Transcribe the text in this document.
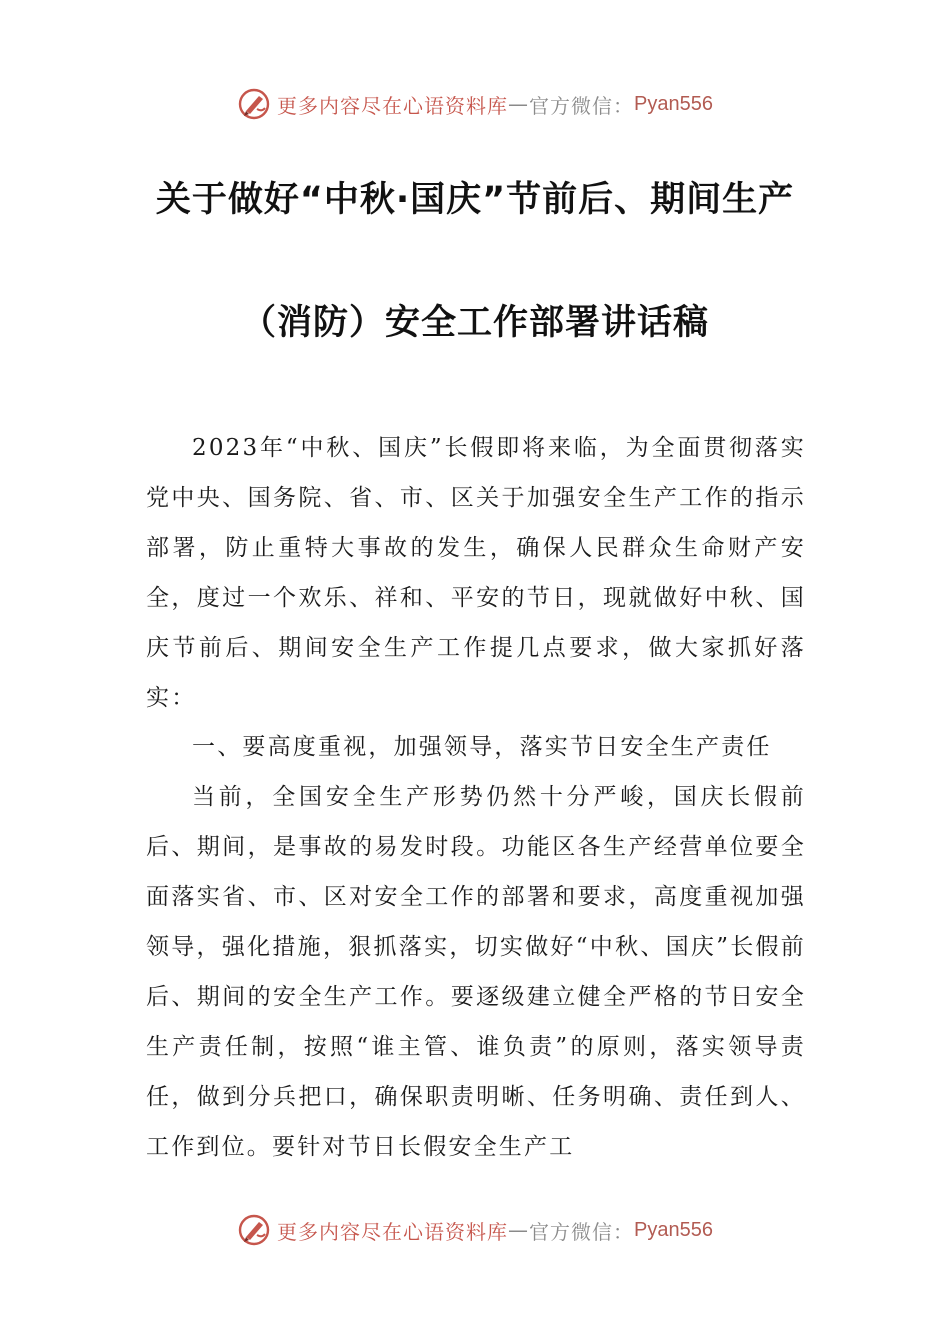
更多内容尽在心语资料库 — 官方微信： Pyan556
关于做好“中秋·国庆”节前后、期间生产
（消防）安全工作部署讲话稿

2023年“中秋、国庆”长假即将来临，为全面贯彻落实党中央、国务院、省、市、区关于加强安全生产工作的指示部署，防止重特大事故的发生，确保人民群众生命财产安全，度过一个欢乐、祥和、平安的节日，现就做好中秋、国庆节前后、期间安全生产工作提几点要求，做大家抓好落实：

一、要高度重视，加强领导，落实节日安全生产责任

当前，全国安全生产形势仍然十分严峻，国庆长假前后、期间，是事故的易发时段。功能区各生产经营单位要全面落实省、市、区对安全工作的部署和要求，高度重视加强领导，强化措施，狠抓落实，切实做好“中秋、国庆”长假前后、期间的安全生产工作。要逐级建立健全严格的节日安全生产责任制，按照“谁主管、谁负责”的原则，落实领导责任，做到分兵把口，确保职责明晰、任务明确、责任到人、工作到位。要针对节日长假安全生产工

更多内容尽在心语资料库 — 官方微信： Pyan556
